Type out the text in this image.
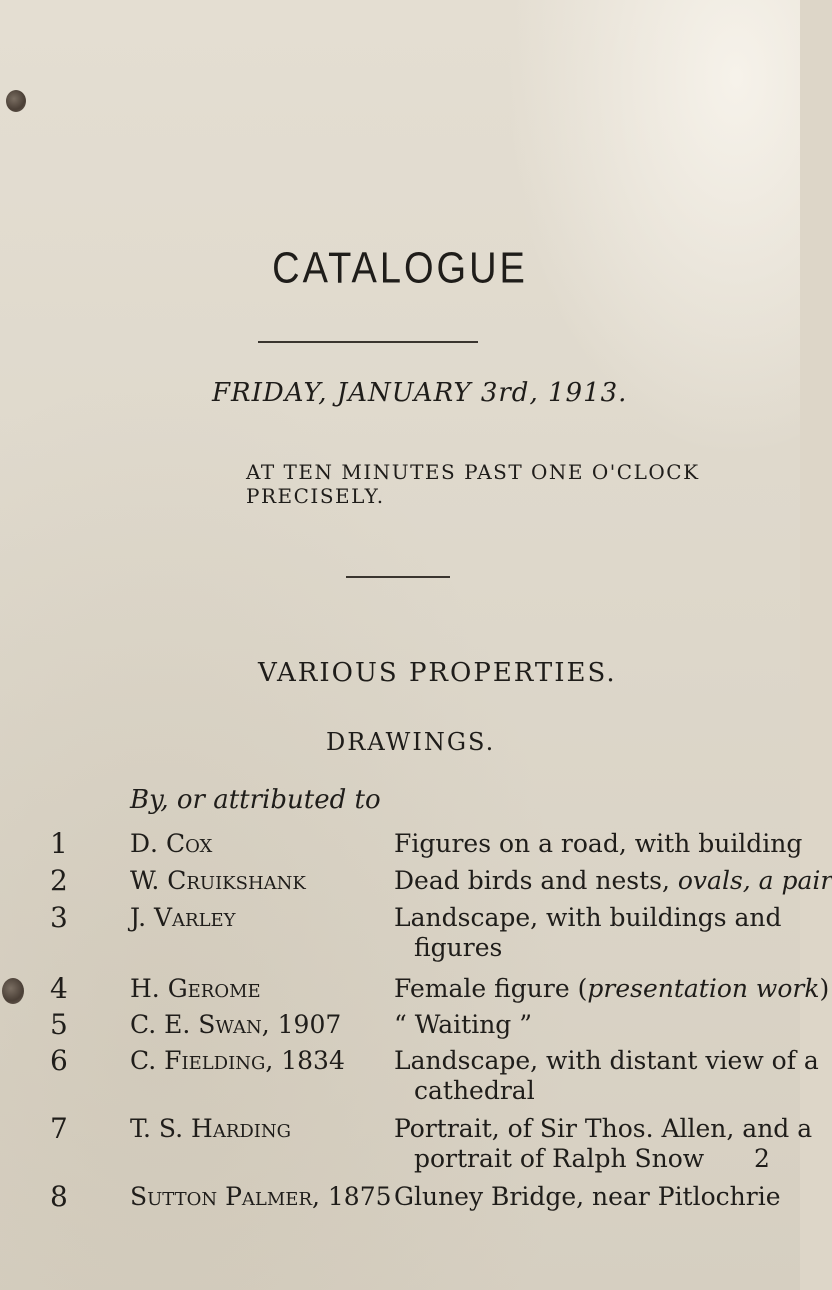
CATALOGUE
FRIDAY, JANUARY 3rd, 1913.
AT TEN MINUTES PAST ONE O'CLOCK PRECISELY.
VARIOUS PROPERTIES.
DRAWINGS.
By, or attributed to
1 D. Cox	Figures on a road, with building
2 W. Cruikshank	Dead birds and nests, ovals, a pair
3 J. Varley	Landscape, with buildings and
figures
4 H. Gerome	Female figure (presentation work)
5 C. E. Swan, 1907 “ Waiting ”
6 C. Fielding, 1834 Landscape, with distant view of a
cathedral
7 T. S. Harding	Portrait, of Sir Thos. Allen, and a
portrait of Ralph Snow 2
8 Sutton Palmer, 1875 Gluney Bridge, near Pitlochrie
